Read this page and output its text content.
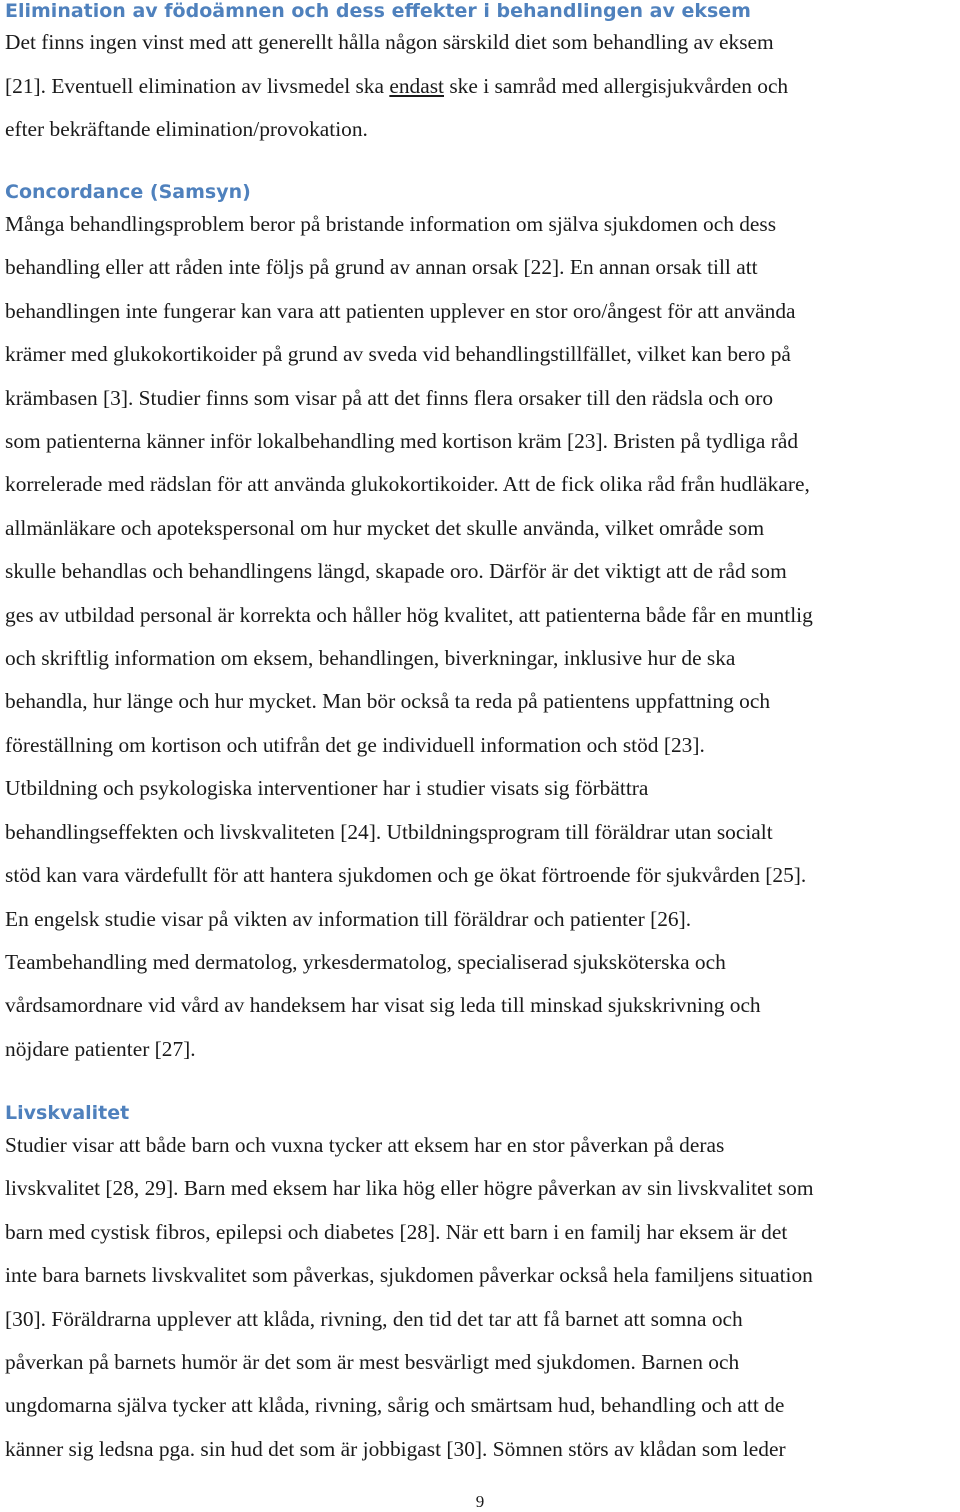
Elimination av födoämnen och dess effekter i behandlingen av eksem

Det finns ingen vinst med att generellt hålla någon särskild diet som behandling av eksem
[21]. Eventuell elimination av livsmedel ska endast ske i samråd med allergisjukvården och
efter bekräftande elimination/provokation.

Concordance (Samsyn)

Många behandlingsproblem beror på bristande information om själva sjukdomen och dess
behandling eller att råden inte följs på grund av annan orsak [22]. En annan orsak till att
behandlingen inte fungerar kan vara att patienten upplever en stor oro/ångest för att använda
krämer med glukokortikoider på grund av sveda vid behandlingstillfället, vilket kan bero på
krämbasen [3]. Studier finns som visar på att det finns flera orsaker till den rädsla och oro
som patienterna känner inför lokalbehandling med kortison kräm [23]. Bristen på tydliga råd
korrelerade med rädslan för att använda glukokortikoider. Att de fick olika råd från hudläkare,
allmänläkare och apotekspersonal om hur mycket det skulle använda, vilket område som
skulle behandlas och behandlingens längd, skapade oro. Därför är det viktigt att de råd som
ges av utbildad personal är korrekta och håller hög kvalitet, att patienterna både får en muntlig
och skriftlig information om eksem, behandlingen, biverkningar, inklusive hur de ska
behandla, hur länge och hur mycket. Man bör också ta reda på patientens uppfattning och
föreställning om kortison och utifrån det ge individuell information och stöd [23].
Utbildning och psykologiska interventioner har i studier visats sig förbättra
behandlingseffekten och livskvaliteten [24]. Utbildningsprogram till föräldrar utan socialt
stöd kan vara värdefullt för att hantera sjukdomen och ge ökat förtroende för sjukvården [25].
En engelsk studie visar på vikten av information till föräldrar och patienter [26].
Teambehandling med dermatolog, yrkesdermatolog, specialiserad sjuksköterska och
vårdsamordnare vid vård av handeksem har visat sig leda till minskad sjukskrivning och
nöjdare patienter [27].

Livskvalitet

Studier visar att både barn och vuxna tycker att eksem har en stor påverkan på deras
livskvalitet [28, 29]. Barn med eksem har lika hög eller högre påverkan av sin livskvalitet som
barn med cystisk fibros, epilepsi och diabetes [28]. När ett barn i en familj har eksem är det
inte bara barnets livskvalitet som påverkas, sjukdomen påverkar också hela familjens situation
[30]. Föräldrarna upplever att klåda, rivning, den tid det tar att få barnet att somna och
påverkan på barnets humör är det som är mest besvärligt med sjukdomen. Barnen och
ungdomarna själva tycker att klåda, rivning, sårig och smärtsam hud, behandling och att de
känner sig ledsna pga. sin hud det som är jobbigast [30]. Sömnen störs av klådan som leder

9
